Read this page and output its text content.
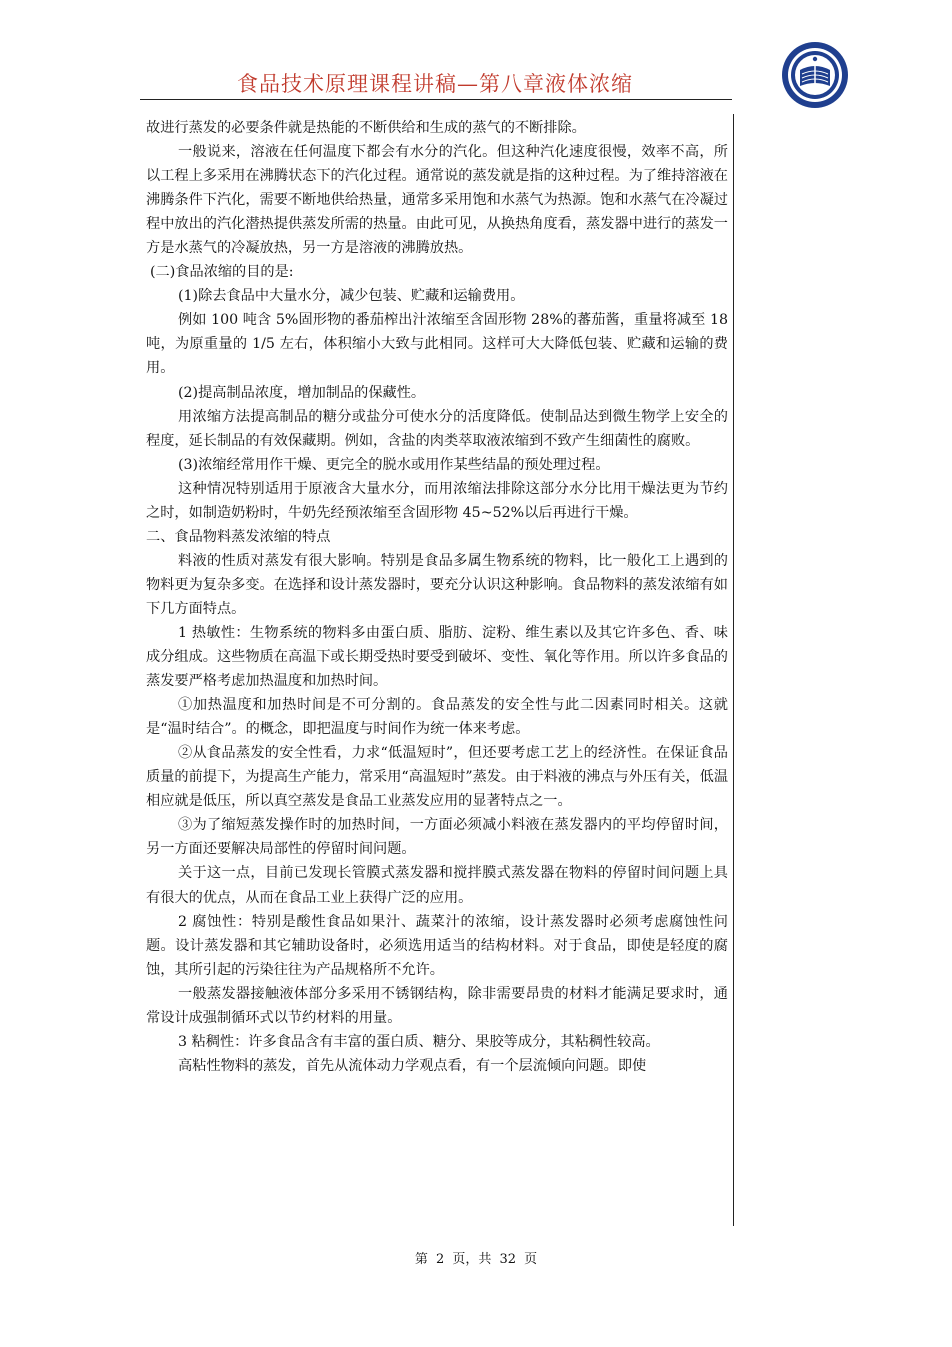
食品技术原理课程讲稿—第八章液体浓缩

故进行蒸发的必要条件就是热能的不断供给和生成的蒸气的不断排除。

一般说来，溶液在任何温度下都会有水分的汽化。但这种汽化速度很慢，效率不高，所以工程上多采用在沸腾状态下的汽化过程。通常说的蒸发就是指的这种过程。为了维持溶液在沸腾条件下汽化，需要不断地供给热量，通常多采用饱和水蒸气为热源。饱和水蒸气在冷凝过程中放出的汽化潜热提供蒸发所需的热量。由此可见，从换热角度看，蒸发器中进行的蒸发一方是水蒸气的冷凝放热，另一方是溶液的沸腾放热。

(二)食品浓缩的目的是:

(1)除去食品中大量水分，减少包装、贮藏和运输费用。

例如 100 吨含 5%固形物的番茄榨出汁浓缩至含固形物 28%的蕃茄酱，重量将减至 18 吨，为原重量的 1/5 左右，体积缩小大致与此相同。这样可大大降低包装、贮藏和运输的费用。

(2)提高制品浓度，增加制品的保藏性。

用浓缩方法提高制品的糖分或盐分可使水分的活度降低。使制品达到微生物学上安全的程度，延长制品的有效保藏期。例如，含盐的肉类萃取液浓缩到不致产生细菌性的腐败。

(3)浓缩经常用作干燥、更完全的脱水或用作某些结晶的预处理过程。

这种情况特别适用于原液含大量水分，而用浓缩法排除这部分水分比用干燥法更为节约之时，如制造奶粉时，牛奶先经预浓缩至含固形物 45~52%以后再进行干燥。

二、食品物料蒸发浓缩的特点

料液的性质对蒸发有很大影响。特别是食品多属生物系统的物料，比一般化工上遇到的物料更为复杂多变。在选择和设计蒸发器时，要充分认识这种影响。食品物料的蒸发浓缩有如下几方面特点。

1 热敏性：生物系统的物料多由蛋白质、脂肪、淀粉、维生素以及其它许多色、香、味成分组成。这些物质在高温下或长期受热时要受到破坏、变性、氧化等作用。所以许多食品的蒸发要严格考虑加热温度和加热时间。

①加热温度和加热时间是不可分割的。食品蒸发的安全性与此二因素同时相关。这就是“温时结合”。的概念，即把温度与时间作为统一体来考虑。

②从食品蒸发的安全性看，力求“低温短时”，但还要考虑工艺上的经济性。在保证食品质量的前提下，为提高生产能力，常采用“高温短时”蒸发。由于料液的沸点与外压有关，低温相应就是低压，所以真空蒸发是食品工业蒸发应用的显著特点之一。

③为了缩短蒸发操作时的加热时间，一方面必须减小料液在蒸发器内的平均停留时间，另一方面还要解决局部性的停留时间问题。

关于这一点，目前已发现长管膜式蒸发器和搅拌膜式蒸发器在物料的停留时间问题上具有很大的优点，从而在食品工业上获得广泛的应用。

2 腐蚀性：特别是酸性食品如果汁、蔬菜汁的浓缩，设计蒸发器时必须考虑腐蚀性问题。设计蒸发器和其它辅助设备时，必须选用适当的结构材料。对于食品，即使是轻度的腐蚀，其所引起的污染往往为产品规格所不允许。

一般蒸发器接触液体部分多采用不锈钢结构，除非需要昂贵的材料才能满足要求时，通常设计成强制循环式以节约材料的用量。

3 粘稠性：许多食品含有丰富的蛋白质、糖分、果胶等成分，其粘稠性较高。

高粘性物料的蒸发，首先从流体动力学观点看，有一个层流倾向问题。即使

第 2 页，共 32 页
